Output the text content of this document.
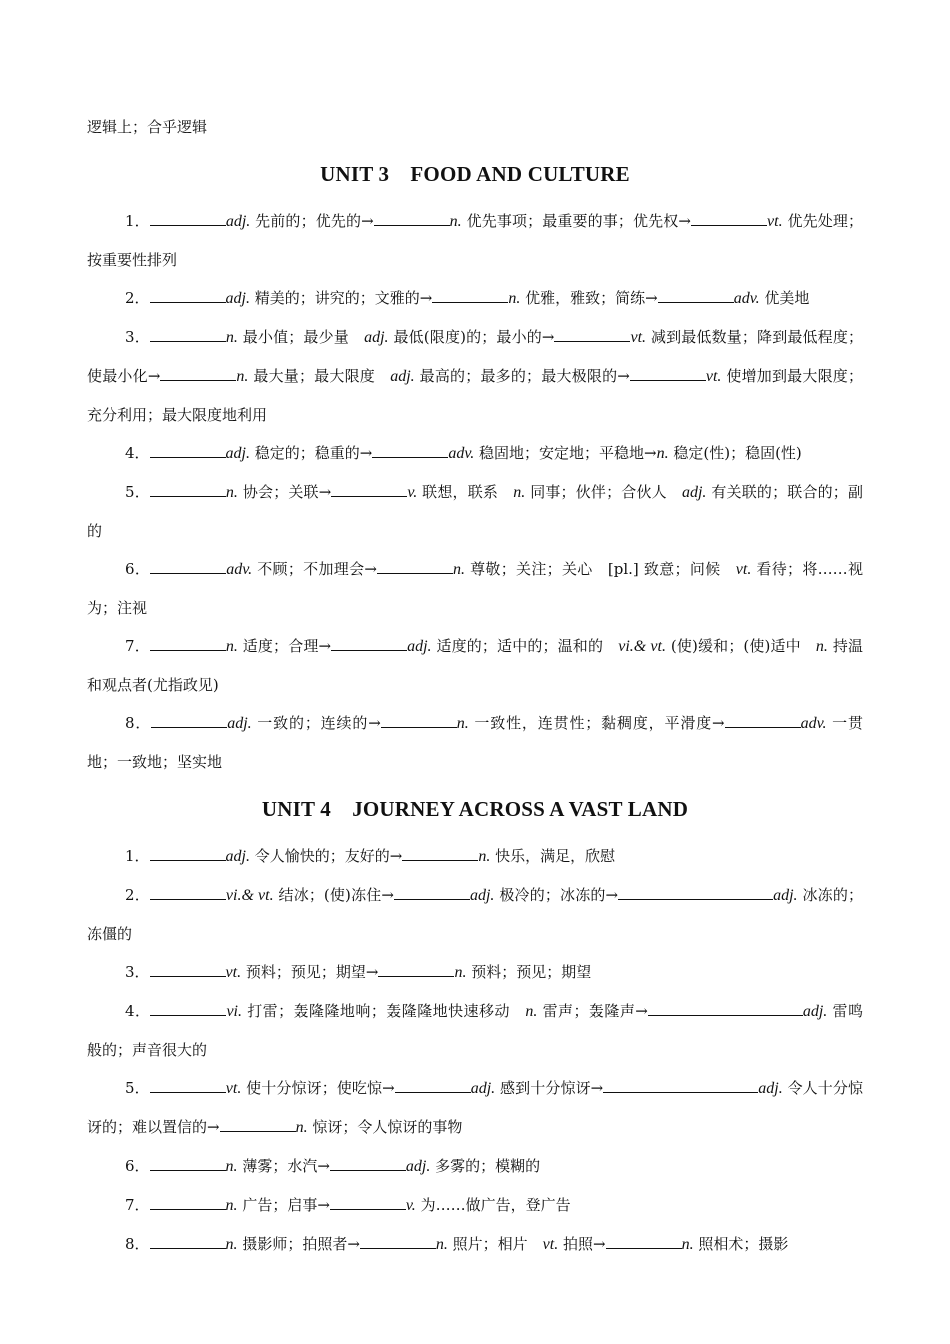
逻辑上；合乎逻辑

UNIT 3　FOOD AND CULTURE

1．	adj. 先前的；优先的→	n. 优先事项；最重要的事；优先权→	vt. 优先处理；按重要性排列

2．	adj. 精美的；讲究的；文雅的→	n. 优雅，雅致；简练→	adv. 优美地

3．	n. 最小值；最少量　adj. 最低(限度)的；最小的→	vt. 减到最低数量；降到最低程度；使最小化→	n. 最大量；最大限度　adj. 最高的；最多的；最大极限的→	vt. 使增加到最大限度；充分利用；最大限度地利用

4．	adj. 稳定的；稳重的→	adv. 稳固地；安定地；平稳地→n. 稳定(性)；稳固(性)

5．	n. 协会；关联→	v. 联想，联系　n. 同事；伙伴；合伙人　adj. 有关联的；联合的；副的

6．	adv. 不顾；不加理会→	n. 尊敬；关注；关心　[pl.] 致意；问候　vt. 看待；将……视为；注视

7．	n. 适度；合理→	adj. 适度的；适中的；温和的　vi.& vt. (使)缓和；(使)适中　n. 持温和观点者(尤指政见)

8．	adj. 一致的；连续的→	n. 一致性，连贯性；黏稠度，平滑度→	adv. 一贯地；一致地；坚实地

UNIT 4　JOURNEY ACROSS A VAST LAND

1．	adj. 令人愉快的；友好的→	n. 快乐，满足，欣慰

2．	vi.& vt. 结冰；(使)冻住→	adj. 极冷的；冰冻的→	adj. 冰冻的；冻僵的

3．	vt. 预料；预见；期望→	n. 预料；预见；期望

4．	vi. 打雷；轰隆隆地响；轰隆隆地快速移动　n. 雷声；轰隆声→	adj. 雷鸣般的；声音很大的

5．	vt. 使十分惊讶；使吃惊→	adj. 感到十分惊讶→	adj. 令人十分惊讶的；难以置信的→	n. 惊讶；令人惊讶的事物

6．	n. 薄雾；水汽→	adj. 多雾的；模糊的

7．	n. 广告；启事→	v. 为……做广告，登广告

8．	n. 摄影师；拍照者→	n. 照片；相片　vt. 拍照→	n. 照相术；摄影
